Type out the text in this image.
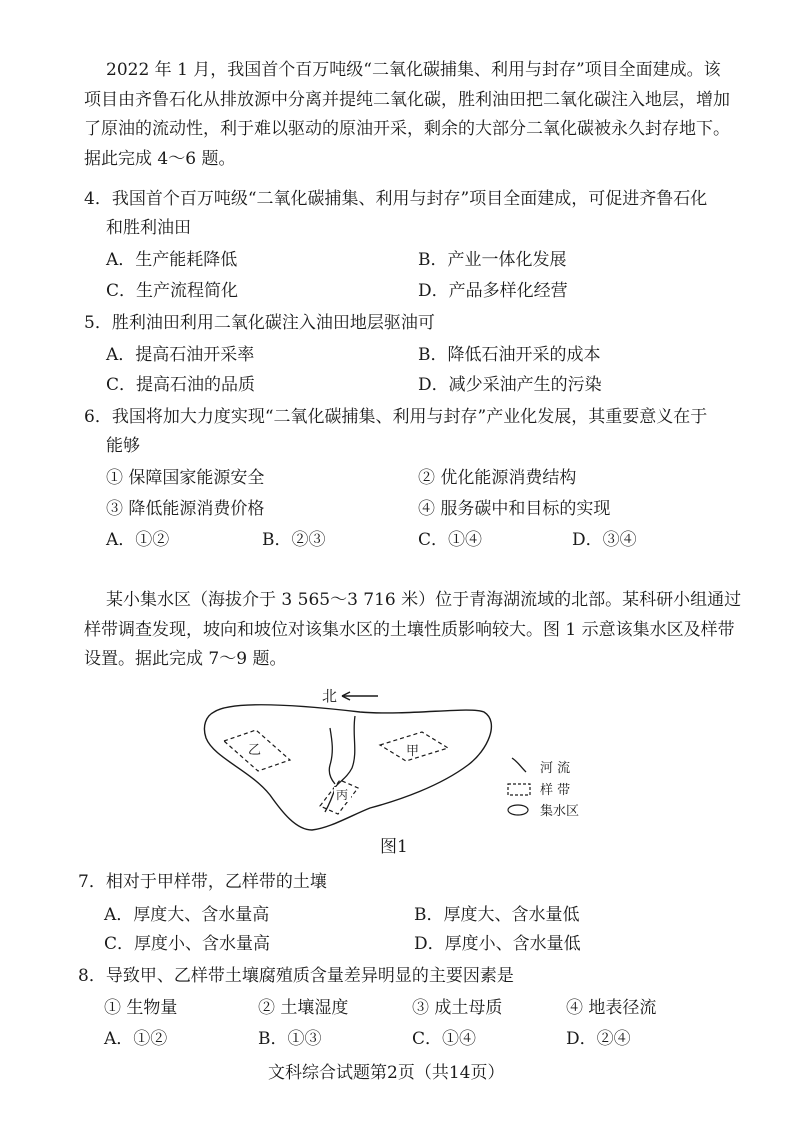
2022 年 1 月，我国首个百万吨级“二氧化碳捕集、利用与封存”项目全面建成。该
项目由齐鲁石化从排放源中分离并提纯二氧化碳，胜利油田把二氧化碳注入地层，增加
了原油的流动性，利于难以驱动的原油开采，剩余的大部分二氧化碳被永久封存地下。
据此完成 4～6 题。
4．我国首个百万吨级“二氧化碳捕集、利用与封存”项目全面建成，可促进齐鲁石化
和胜利油田
A．生产能耗降低	B．产业一体化发展
C．生产流程简化	D．产品多样化经营
5．胜利油田利用二氧化碳注入油田地层驱油可
A．提高石油开采率	B．降低石油开采的成本
C．提高石油的品质	D．减少采油产生的污染
6．我国将加大力度实现“二氧化碳捕集、利用与封存”产业化发展，其重要意义在于
能够
① 保障国家能源安全	② 优化能源消费结构
③ 降低能源消费价格	④ 服务碳中和目标的实现
A．①②	B．②③	C．①④	D．③④
某小集水区（海拔介于 3 565～3 716 米）位于青海湖流域的北部。某科研小组通过
样带调查发现，坡向和坡位对该集水区的土壤性质影响较大。图 1 示意该集水区及样带
设置。据此完成 7～9 题。
北
乙	甲
丙
河 流
样 带
集水区
图1
7．相对于甲样带，乙样带的土壤
A．厚度大、含水量高	B．厚度大、含水量低
C．厚度小、含水量高	D．厚度小、含水量低
8．导致甲、乙样带土壤腐殖质含量差异明显的主要因素是
① 生物量	② 土壤湿度	③ 成土母质	④ 地表径流
A．①②	B．①③	C．①④	D．②④
文科综合试题第2页（共14页）
